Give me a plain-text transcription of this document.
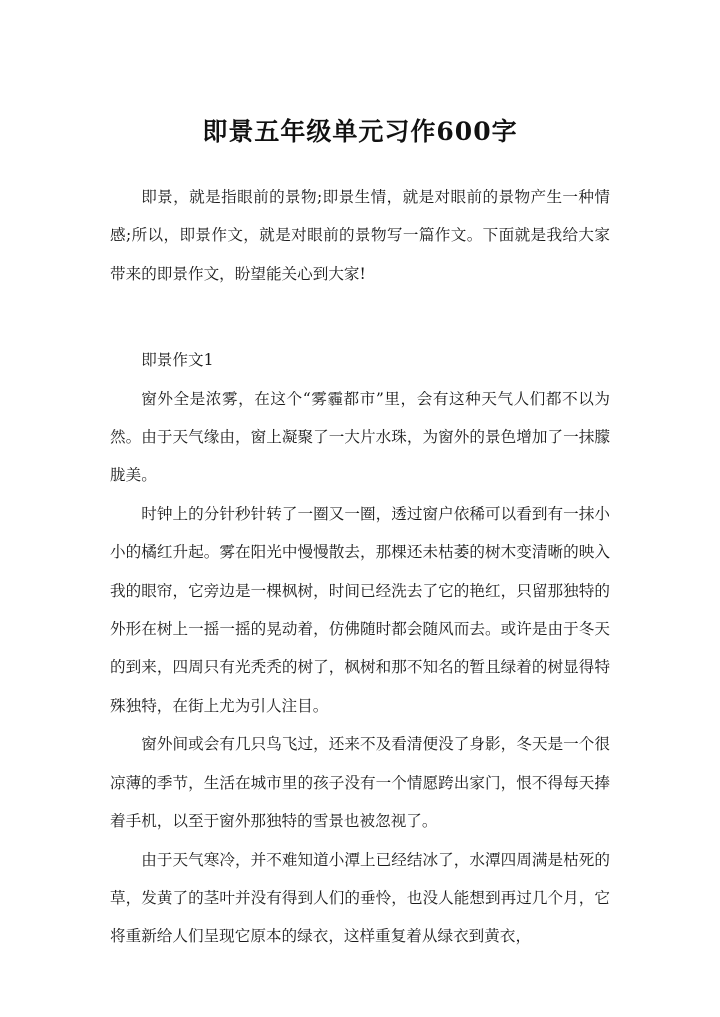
即景五年级单元习作600字

即景，就是指眼前的景物;即景生情，就是对眼前的景物产生一种情感;所以，即景作文，就是对眼前的景物写一篇作文。下面就是我给大家带来的即景作文，盼望能关心到大家!

即景作文1

窗外全是浓雾，在这个“雾霾都市”里，会有这种天气人们都不以为然。由于天气缘由，窗上凝聚了一大片水珠，为窗外的景色增加了一抹朦胧美。

时钟上的分针秒针转了一圈又一圈，透过窗户依稀可以看到有一抹小小的橘红升起。雾在阳光中慢慢散去，那棵还未枯萎的树木变清晰的映入我的眼帘，它旁边是一棵枫树，时间已经洗去了它的艳红，只留那独特的外形在树上一摇一摇的晃动着，仿佛随时都会随风而去。或许是由于冬天的到来，四周只有光秃秃的树了，枫树和那不知名的暂且绿着的树显得特殊独特，在街上尤为引人注目。

窗外间或会有几只鸟飞过，还来不及看清便没了身影，冬天是一个很凉薄的季节，生活在城市里的孩子没有一个情愿跨出家门，恨不得每天捧着手机，以至于窗外那独特的雪景也被忽视了。

由于天气寒冷，并不难知道小潭上已经结冰了，水潭四周满是枯死的草，发黄了的茎叶并没有得到人们的垂怜，也没人能想到再过几个月，它将重新给人们呈现它原本的绿衣，这样重复着从绿衣到黄衣，
